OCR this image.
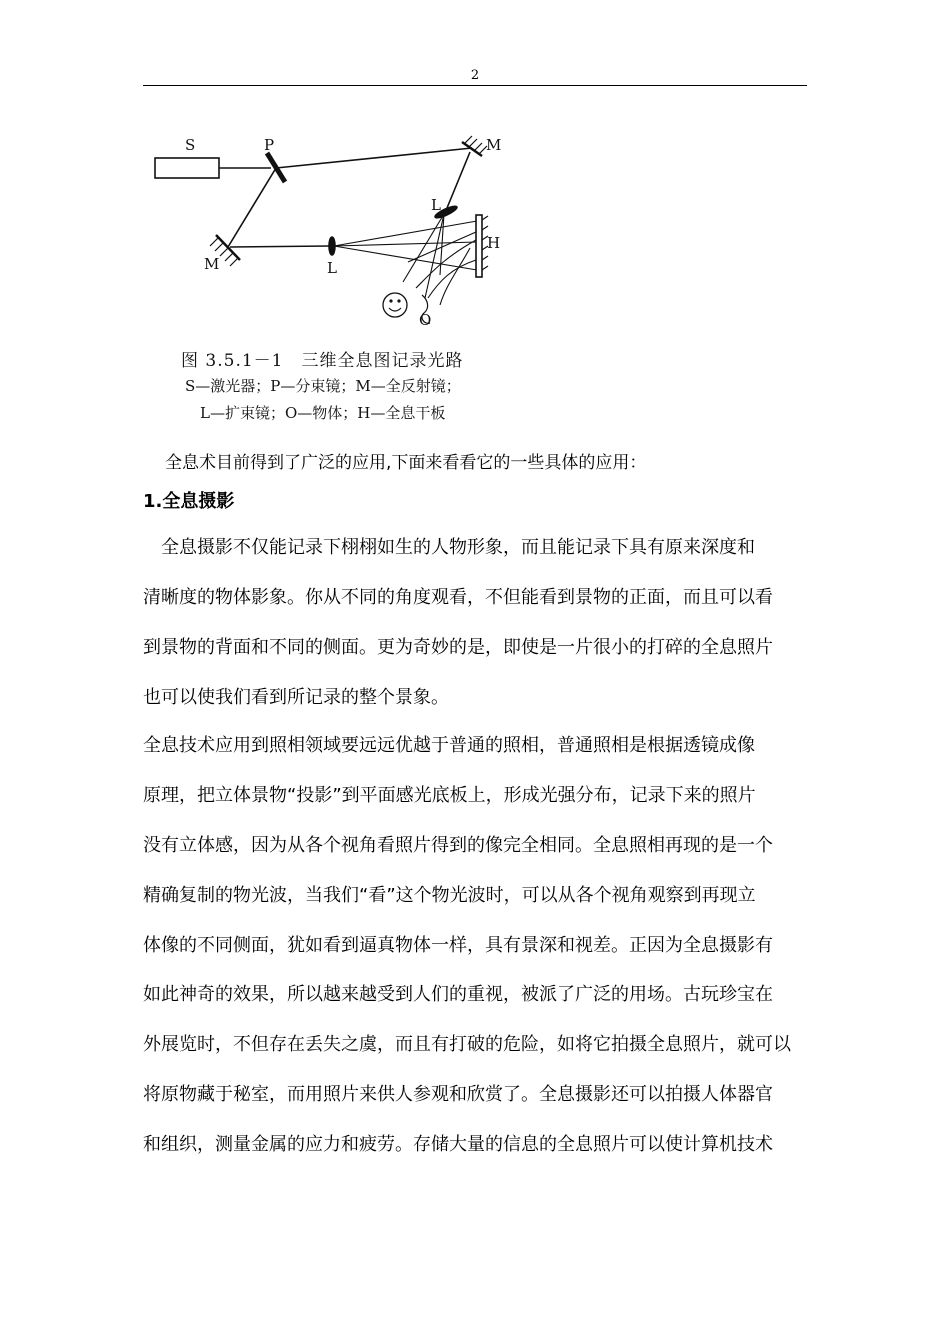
2
S	P	M
M	L
L
H
O
图 3.5.1－1　三维全息图记录光路
S—激光器；P—分束镜；M—全反射镜；
L—扩束镜；O—物体；H—全息干板
全息术目前得到了广泛的应用,下面来看看它的一些具体的应用：
1.全息摄影
　全息摄影不仅能记录下栩栩如生的人物形象，而且能记录下具有原来深度和
清晰度的物体影象。你从不同的角度观看，不但能看到景物的正面，而且可以看
到景物的背面和不同的侧面。更为奇妙的是，即使是一片很小的打碎的全息照片
也可以使我们看到所记录的整个景象。
全息技术应用到照相领域要远远优越于普通的照相，普通照相是根据透镜成像
原理，把立体景物“投影”到平面感光底板上，形成光强分布，记录下来的照片
没有立体感，因为从各个视角看照片得到的像完全相同。全息照相再现的是一个
精确复制的物光波，当我们“看”这个物光波时，可以从各个视角观察到再现立
体像的不同侧面，犹如看到逼真物体一样，具有景深和视差。正因为全息摄影有
如此神奇的效果，所以越来越受到人们的重视，被派了广泛的用场。古玩珍宝在
外展览时，不但存在丢失之虞，而且有打破的危险，如将它拍摄全息照片，就可以
将原物藏于秘室，而用照片来供人参观和欣赏了。全息摄影还可以拍摄人体器官
和组织，测量金属的应力和疲劳。存储大量的信息的全息照片可以使计算机技术
